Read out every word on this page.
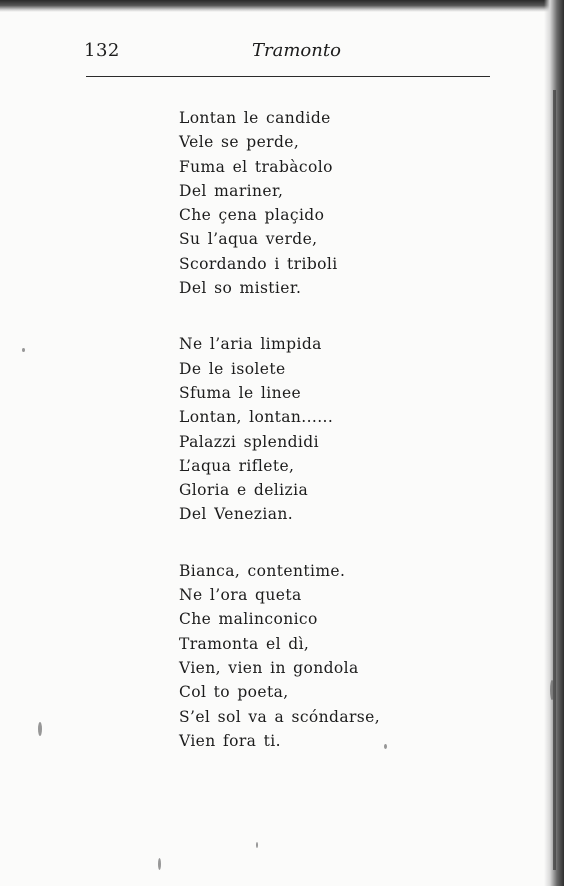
132	Tramonto
Lontan le candide
Vele se perde,
Fuma el trabàcolo
Del mariner,
Che çena plaçido
Su l’aqua verde,
Scordando i triboli
Del so mistier.
Ne l’aria limpida
De le isolete
Sfuma le linee
Lontan, lontan......
Palazzi splendidi
L’aqua riflete,
Gloria e delizia
Del Venezian.
Bianca, contentime.
Ne l’ora queta
Che malinconico
Tramonta el dì,
Vien, vien in gondola
Col to poeta,
S’el sol va a scóndarse,
Vien fora ti.
